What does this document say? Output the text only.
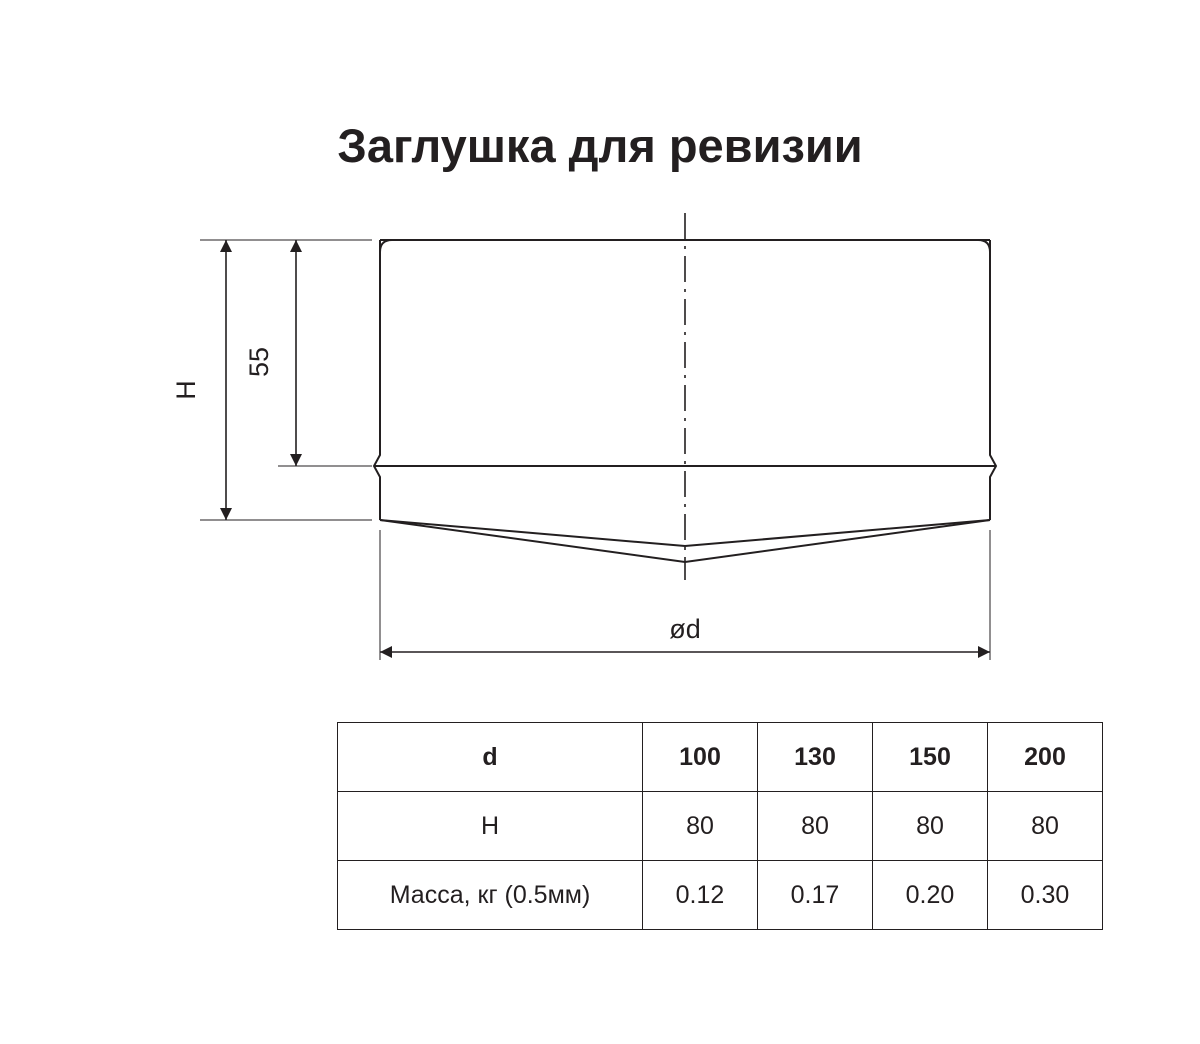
Заглушка для ревизии
H
55
ød
d	100	130	150	200
H	80	80	80	80
Масса, кг (0.5мм)	0.12	0.17	0.20	0.30
